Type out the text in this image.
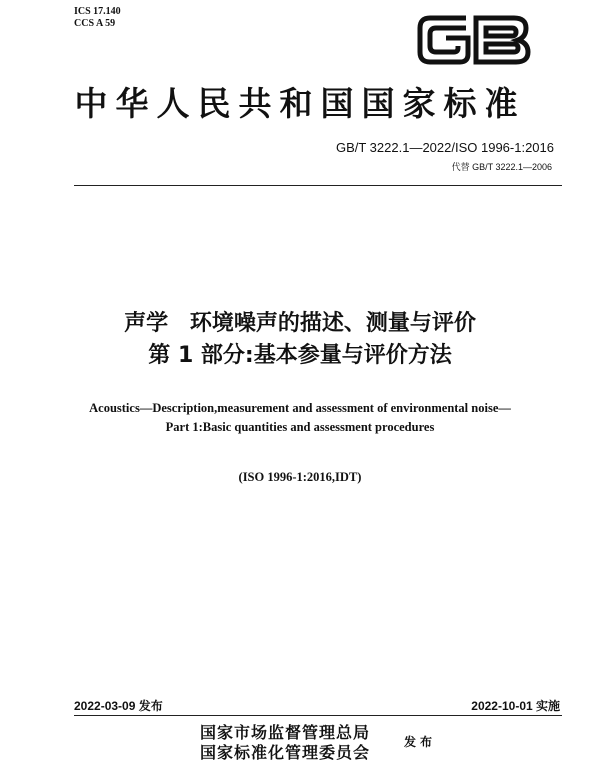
ICS 17.140
CCS A 59
中华人民共和国国家标准
GB/T 3222.1—2022/ISO 1996-1:2016
代替 GB/T 3222.1—2006
声学 环境噪声的描述、测量与评价
第 1 部分:基本参量与评价方法
Acoustics—Description,measurement and assessment of environmental noise—
Part 1:Basic quantities and assessment procedures
(ISO 1996-1:2016,IDT)
2022-03-09 发布	2022-10-01 实施
国家市场监督管理总局
国家标准化管理委员会
发布
